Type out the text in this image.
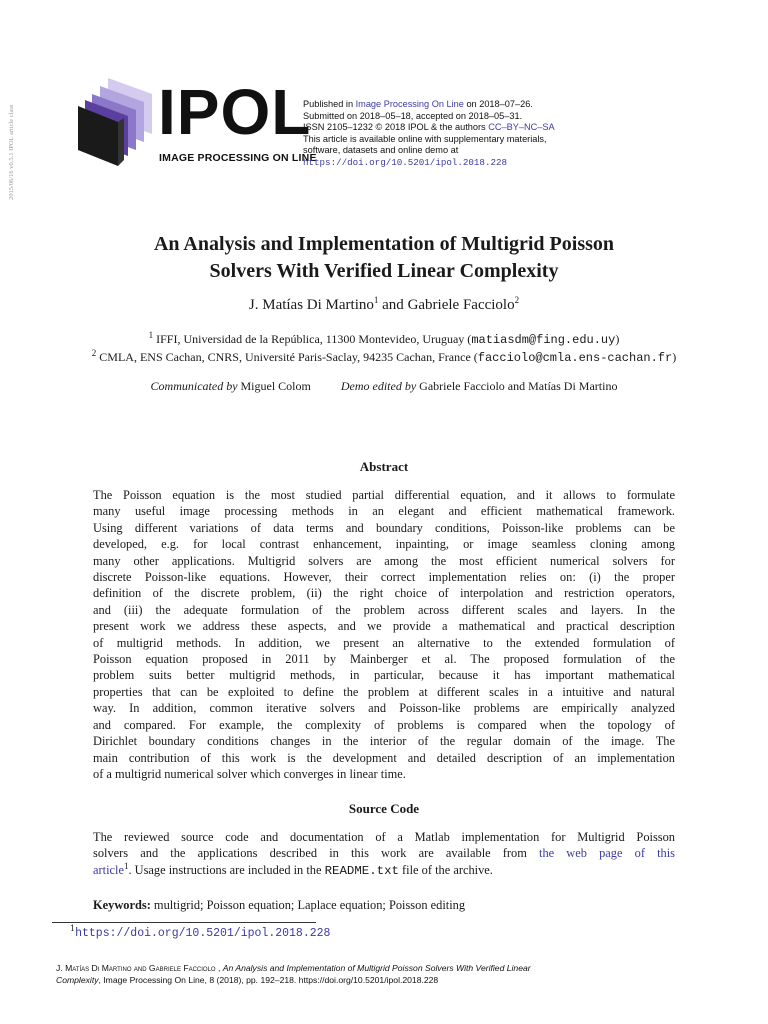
2015/06/16 v0.5.1 IPOL article class IPOL
IMAGE PROCESSING ON LINE
Published in Image Processing On Line on 2018–07–26.
Submitted on 2018–05–18, accepted on 2018–05–31.
ISSN 2105–1232 © 2018 IPOL & the authors CC–BY–NC–SA
This article is available online with supplementary materials,
software, datasets and online demo at
https://doi.org/10.5201/ipol.2018.228
An Analysis and Implementation of Multigrid Poisson
Solvers With Verified Linear Complexity
J. Matías Di Martino$^1$ and Gabriele Facciolo$^2$
$^1$ IFFI, Universidad de la República, 11300 Montevideo, Uruguay (matiasdm@fing.edu.uy)
$^2$ CMLA, ENS Cachan, CNRS, Université Paris-Saclay, 94235 Cachan, France (facciolo@cmla.ens-cachan.fr)
Communicated by Miguel Colom	Demo edited by Gabriele Facciolo and Matías Di Martino
Abstract
The Poisson equation is the most studied partial differential equation, and it allows to formulate
many useful image processing methods in an elegant and efficient mathematical framework.
Using different variations of data terms and boundary conditions, Poisson-like problems can be
developed, e.g. for local contrast enhancement, inpainting, or image seamless cloning among
many other applications. Multigrid solvers are among the most efficient numerical solvers for
discrete Poisson-like equations. However, their correct implementation relies on: (i) the proper
definition of the discrete problem, (ii) the right choice of interpolation and restriction operators,
and (iii) the adequate formulation of the problem across different scales and layers. In the
present work we address these aspects, and we provide a mathematical and practical description
of multigrid methods. In addition, we present an alternative to the extended formulation of
Poisson equation proposed in 2011 by Mainberger et al. The proposed formulation of the
problem suits better multigrid methods, in particular, because it has important mathematical
properties that can be exploited to define the problem at different scales in a intuitive and natural
way. In addition, common iterative solvers and Poisson-like problems are empirically analyzed
and compared. For example, the complexity of problems is compared when the topology of
Dirichlet boundary conditions changes in the interior of the regular domain of the image. The
main contribution of this work is the development and detailed description of an implementation
of a multigrid numerical solver which converges in linear time.
Source Code
The reviewed source code and documentation of a Matlab implementation for Multigrid Poisson
solvers and the applications described in this work are available from the web page of this
article$^1$. Usage instructions are included in the README.txt file of the archive.
Keywords: multigrid; Poisson equation; Laplace equation; Poisson editing
$^1$https://doi.org/10.5201/ipol.2018.228
J. Matías Di Martino and Gabriele Facciolo , An Analysis and Implementation of Multigrid Poisson Solvers With Verified Linear
Complexity, Image Processing On Line, 8 (2018), pp. 192–218. https://doi.org/10.5201/ipol.2018.228
